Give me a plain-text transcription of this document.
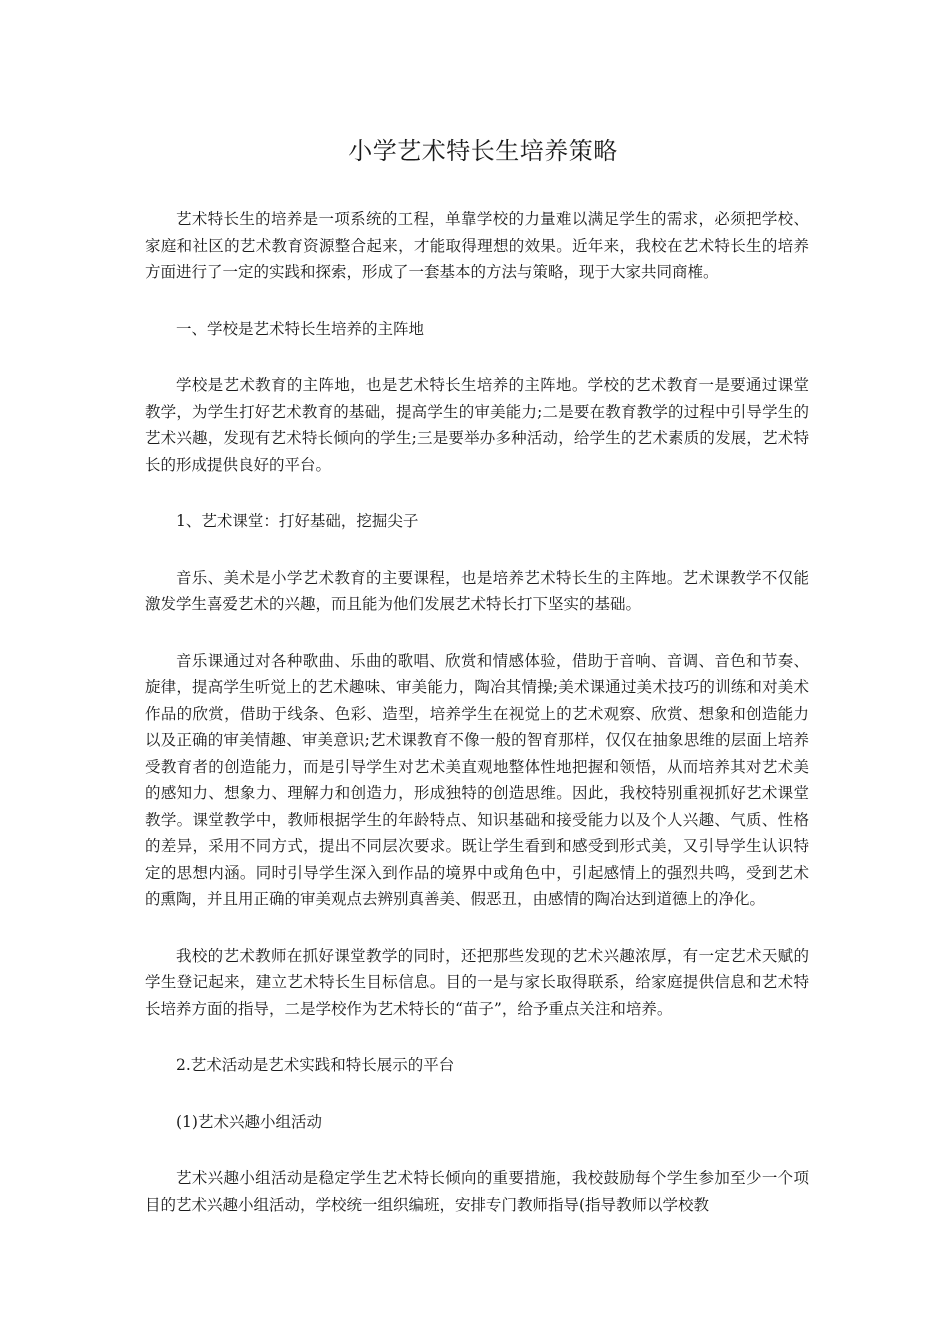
小学艺术特长生培养策略

艺术特长生的培养是一项系统的工程，单靠学校的力量难以满足学生的需求，必须把学校、家庭和社区的艺术教育资源整合起来，才能取得理想的效果。近年来，我校在艺术特长生的培养方面进行了一定的实践和探索，形成了一套基本的方法与策略，现于大家共同商榷。

一、学校是艺术特长生培养的主阵地

学校是艺术教育的主阵地，也是艺术特长生培养的主阵地。学校的艺术教育一是要通过课堂教学，为学生打好艺术教育的基础，提高学生的审美能力;二是要在教育教学的过程中引导学生的艺术兴趣，发现有艺术特长倾向的学生;三是要举办多种活动，给学生的艺术素质的发展，艺术特长的形成提供良好的平台。

1、艺术课堂：打好基础，挖掘尖子

音乐、美术是小学艺术教育的主要课程，也是培养艺术特长生的主阵地。艺术课教学不仅能激发学生喜爱艺术的兴趣，而且能为他们发展艺术特长打下坚实的基础。

音乐课通过对各种歌曲、乐曲的歌唱、欣赏和情感体验，借助于音响、音调、音色和节奏、旋律，提高学生听觉上的艺术趣味、审美能力，陶冶其情操;美术课通过美术技巧的训练和对美术作品的欣赏，借助于线条、色彩、造型，培养学生在视觉上的艺术观察、欣赏、想象和创造能力以及正确的审美情趣、审美意识;艺术课教育不像一般的智育那样，仅仅在抽象思维的层面上培养受教育者的创造能力，而是引导学生对艺术美直观地整体性地把握和领悟，从而培养其对艺术美的感知力、想象力、理解力和创造力，形成独特的创造思维。因此，我校特别重视抓好艺术课堂教学。课堂教学中，教师根据学生的年龄特点、知识基础和接受能力以及个人兴趣、气质、性格的差异，采用不同方式，提出不同层次要求。既让学生看到和感受到形式美，又引导学生认识特定的思想内涵。同时引导学生深入到作品的境界中或角色中，引起感情上的强烈共鸣，受到艺术的熏陶，并且用正确的审美观点去辨别真善美、假恶丑，由感情的陶冶达到道德上的净化。

我校的艺术教师在抓好课堂教学的同时，还把那些发现的艺术兴趣浓厚，有一定艺术天赋的学生登记起来，建立艺术特长生目标信息。目的一是与家长取得联系，给家庭提供信息和艺术特长培养方面的指导，二是学校作为艺术特长的“苗子”，给予重点关注和培养。

2.艺术活动是艺术实践和特长展示的平台

(1)艺术兴趣小组活动

艺术兴趣小组活动是稳定学生艺术特长倾向的重要措施，我校鼓励每个学生参加至少一个项目的艺术兴趣小组活动，学校统一组织编班，安排专门教师指导(指导教师以学校教
